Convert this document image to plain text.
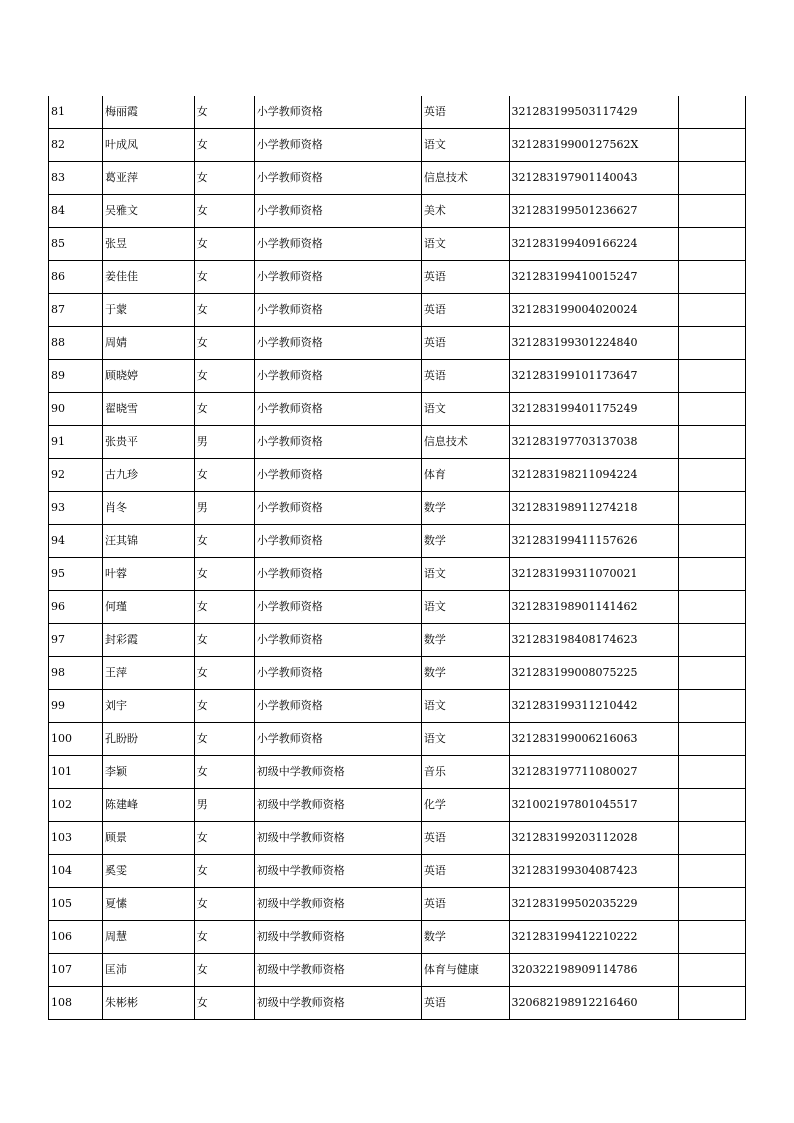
81	梅丽霞	女	小学教师资格	英语	321283199503117429	
82	叶成凤	女	小学教师资格	语文	32128319900127562X	
83	葛亚萍	女	小学教师资格	信息技术	321283197901140043	
84	吴雅文	女	小学教师资格	美术	321283199501236627	
85	张昱	女	小学教师资格	语文	321283199409166224	
86	姜佳佳	女	小学教师资格	英语	321283199410015247	
87	于蒙	女	小学教师资格	英语	321283199004020024	
88	周婧	女	小学教师资格	英语	321283199301224840	
89	顾晓婷	女	小学教师资格	英语	321283199101173647	
90	翟晓雪	女	小学教师资格	语文	321283199401175249	
91	张贵平	男	小学教师资格	信息技术	321283197703137038	
92	古九珍	女	小学教师资格	体育	321283198211094224	
93	肖冬	男	小学教师资格	数学	321283198911274218	
94	汪其锦	女	小学教师资格	数学	321283199411157626	
95	叶蓉	女	小学教师资格	语文	321283199311070021	
96	何瑾	女	小学教师资格	语文	321283198901141462	
97	封彩霞	女	小学教师资格	数学	321283198408174623	
98	王萍	女	小学教师资格	数学	321283199008075225	
99	刘宇	女	小学教师资格	语文	321283199311210442	
100	孔盼盼	女	小学教师资格	语文	321283199006216063	
101	李颖	女	初级中学教师资格	音乐	321283197711080027	
102	陈建峰	男	初级中学教师资格	化学	321002197801045517	
103	顾景	女	初级中学教师资格	英语	321283199203112028	
104	奚雯	女	初级中学教师资格	英语	321283199304087423	
105	夏愫	女	初级中学教师资格	英语	321283199502035229	
106	周慧	女	初级中学教师资格	数学	321283199412210222	
107	匡沛	女	初级中学教师资格	体育与健康	320322198909114786	
108	朱彬彬	女	初级中学教师资格	英语	320682198912216460	
